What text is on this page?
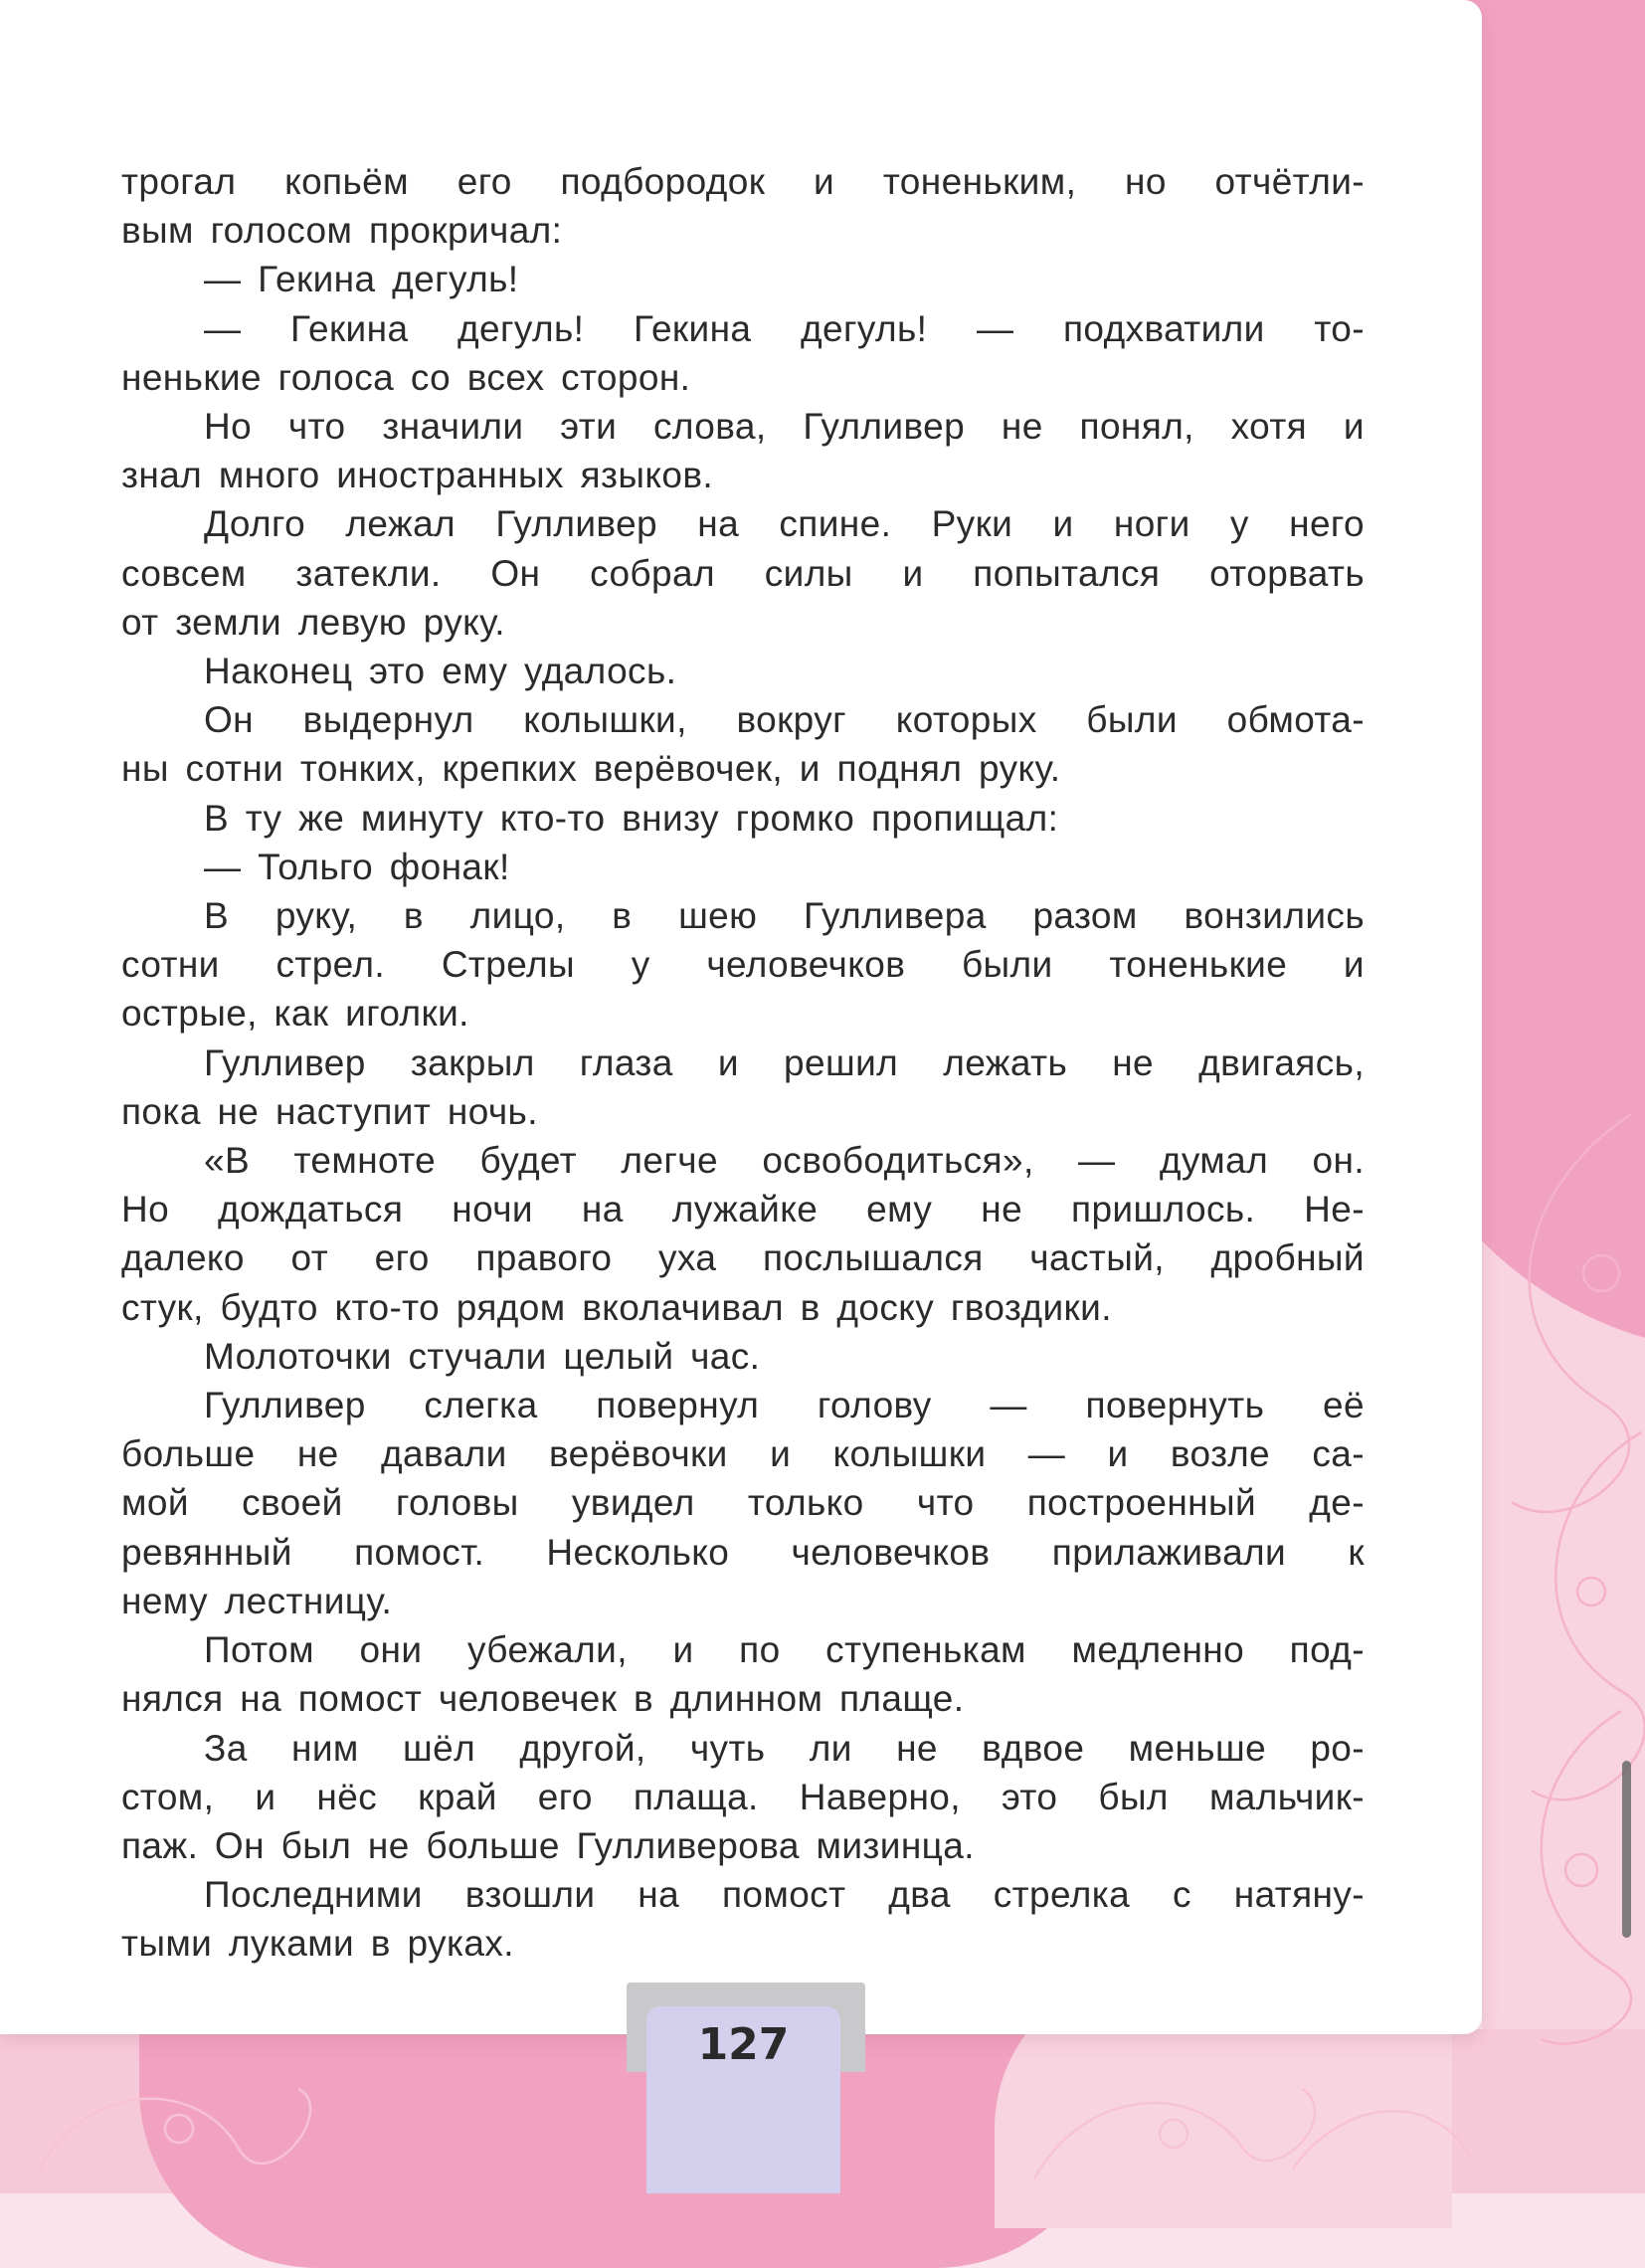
трогал копьём его подбородок и тоненьким, но отчётли-
вым голосом прокричал:
— Гекина дегуль!
— Гекина дегуль! Гекина дегуль! — подхватили то-
ненькие голоса со всех сторон.
Но что значили эти слова, Гулливер не понял, хотя и
знал много иностранных языков.
Долго лежал Гулливер на спине. Руки и ноги у него
совсем затекли. Он собрал силы и попытался оторвать
от земли левую руку.
Наконец это ему удалось.
Он выдернул колышки, вокруг которых были обмота-
ны сотни тонких, крепких верёвочек, и поднял руку.
В ту же минуту кто-то внизу громко пропищал:
— Тольго фонак!
В руку, в лицо, в шею Гулливера разом вонзились
сотни стрел. Стрелы у человечков были тоненькие и
острые, как иголки.
Гулливер закрыл глаза и решил лежать не двигаясь,
пока не наступит ночь.
«В темноте будет легче освободиться», — думал он.
Но дождаться ночи на лужайке ему не пришлось. Не-
далеко от его правого уха послышался частый, дробный
стук, будто кто-то рядом вколачивал в доску гвоздики.
Молоточки стучали целый час.
Гулливер слегка повернул голову — повернуть её
больше не давали верёвочки и колышки — и возле са-
мой своей головы увидел только что построенный де-
ревянный помост. Несколько человечков прилаживали к
нему лестницу.
Потом они убежали, и по ступенькам медленно под-
нялся на помост человечек в длинном плаще.
За ним шёл другой, чуть ли не вдвое меньше ро-
стом, и нёс край его плаща. Наверно, это был мальчик-
паж. Он был не больше Гулливерова мизинца.
Последними взошли на помост два стрелка с натяну-
тыми луками в руках.
127
